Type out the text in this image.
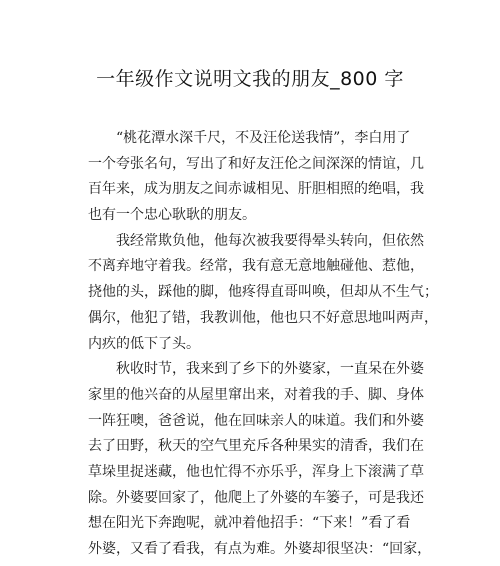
一年级作文说明文我的朋友_800 字
“桃花潭水深千尺，不及汪伦送我情”，李白用了
一个夸张名句，写出了和好友汪伦之间深深的情谊，几
百年来，成为朋友之间赤诚相见、肝胆相照的绝唱，我
也有一个忠心耿耿的朋友。
我经常欺负他，他每次被我要得晕头转向，但依然
不离弃地守着我。经常，我有意无意地触碰他、惹他，
挠他的头，踩他的脚，他疼得直哥叫唤，但却从不生气；
偶尔，他犯了错，我教训他，他也只不好意思地叫两声，
内疚的低下了头。
秋收时节，我来到了乡下的外婆家，一直呆在外婆
家里的他兴奋的从屋里窜出来，对着我的手、脚、身体
一阵狂噢，爸爸说，他在回味亲人的味道。我们和外婆
去了田野，秋天的空气里充斥各种果实的清香，我们在
草垛里捉迷藏，他也忙得不亦乐乎，浑身上下滚满了草
除。外婆要回家了，他爬上了外婆的车篓子，可是我还
想在阳光下奔跑呢，就冲着他招手：“下来！”看了看
外婆，又看了看我，有点为难。外婆却很坚决：“回家，
